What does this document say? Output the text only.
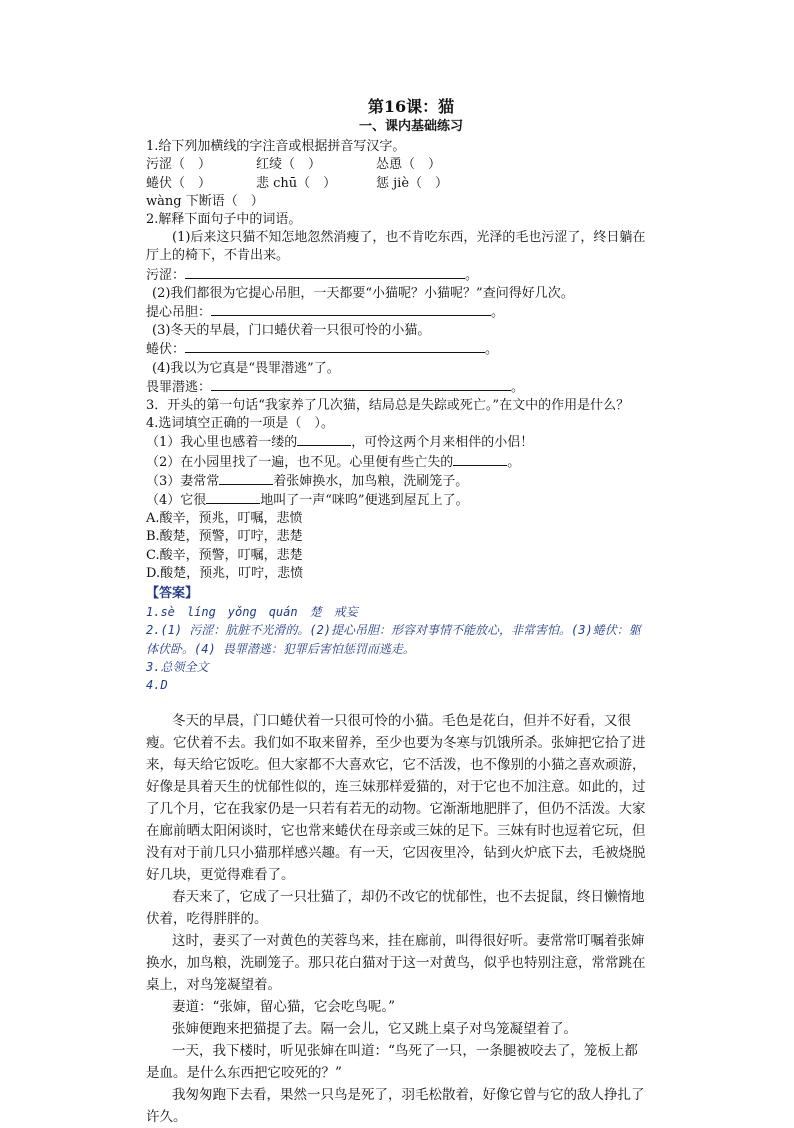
第16课：猫
一、课内基础练习
1.给下列加横线的字注音或根据拼音写汉字。
污涩（　）	红绫（　）	怂恿（　）
蜷伏（　）	悲 chū（　）	惩 jiè（　）
wàng 下断语（　）
2.解释下面句子中的词语。
(1)后来这只猫不知怎地忽然消瘦了，也不肯吃东西，光泽的毛也污涩了，终日躺在厅上的椅下，不肯出来。
污涩：	。
(2)我们都很为它提心吊胆，一天都要“小猫呢？小猫呢？”查问得好几次。
提心吊胆：	。
(3)冬天的早晨，门口蜷伏着一只很可怜的小猫。
蜷伏：	。
(4)我以为它真是“畏罪潜逃”了。
畏罪潜逃：	。
3．开头的第一句话“我家养了几次猫，结局总是失踪或死亡。”在文中的作用是什么？
4.选词填空正确的一项是（　）。
（1）我心里也感着一缕的	，可怜这两个月来相伴的小侣！
（2）在小园里找了一遍，也不见。心里便有些亡失的	。
（3）妻常常	着张婶换水，加鸟粮，洗刷笼子。
（4）它很	地叫了一声“咪呜”便逃到屋瓦上了。
A.酸辛，预兆，叮嘱，悲愤
B.酸楚，预警，叮咛，悲楚
C.酸辛，预警，叮嘱，悲楚
D.酸楚，预兆，叮咛，悲愤
【答案】
1.sè　líng　yǒng　quán　楚　戒妄
2.(1) 污涩：肮脏不光滑的。(2)提心吊胆：形容对事情不能放心，非常害怕。(3)蜷伏：躯体伏卧。(4) 畏罪潜逃：犯罪后害怕惩罚而逃走。
3.总领全文
4.D

冬天的早晨，门口蜷伏着一只很可怜的小猫。毛色是花白，但并不好看，又很瘦。它伏着不去。我们如不取来留养，至少也要为冬寒与饥饿所杀。张婶把它拾了进来，每天给它饭吃。但大家都不大喜欢它，它不活泼，也不像别的小猫之喜欢顽游，好像是具着天生的忧郁性似的，连三妹那样爱猫的，对于它也不加注意。如此的，过了几个月，它在我家仍是一只若有若无的动物。它渐渐地肥胖了，但仍不活泼。大家在廊前晒太阳闲谈时，它也常来蜷伏在母亲或三妹的足下。三妹有时也逗着它玩，但没有对于前几只小猫那样感兴趣。有一天，它因夜里冷，钻到火炉底下去，毛被烧脱好几块，更觉得难看了。

春天来了，它成了一只壮猫了，却仍不改它的忧郁性，也不去捉鼠，终日懒惰地伏着，吃得胖胖的。

这时，妻买了一对黄色的芙蓉鸟来，挂在廊前，叫得很好听。妻常常叮嘱着张婶换水，加鸟粮，洗刷笼子。那只花白猫对于这一对黄鸟，似乎也特别注意，常常跳在桌上，对鸟笼凝望着。

妻道：“张婶，留心猫，它会吃鸟呢。”

张婶便跑来把猫提了去。隔一会儿，它又跳上桌子对鸟笼凝望着了。

一天，我下楼时，听见张婶在叫道：“鸟死了一只，一条腿被咬去了，笼板上都是血。是什么东西把它咬死的？”

我匆匆跑下去看，果然一只鸟是死了，羽毛松散着，好像它曾与它的敌人挣扎了许久。
